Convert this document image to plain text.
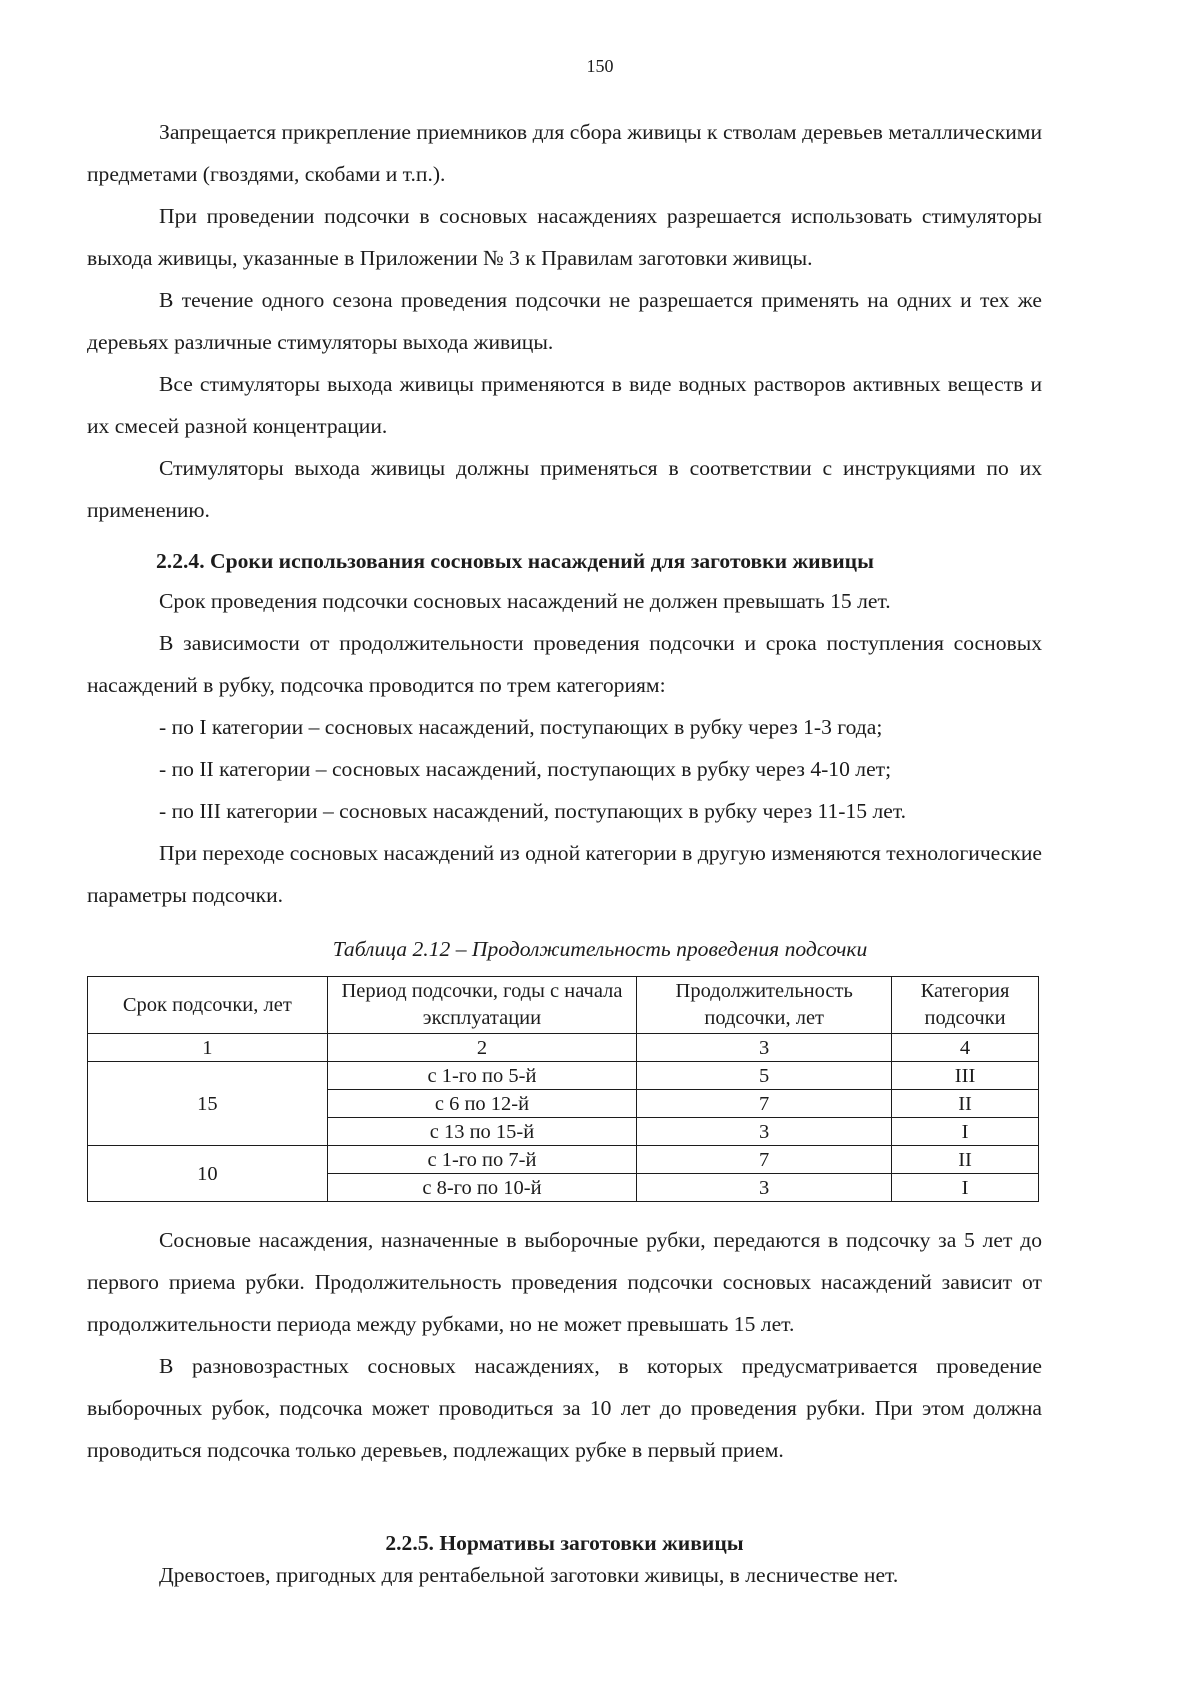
150

Запрещается прикрепление приемников для сбора живицы к стволам деревьев металлическими предметами (гвоздями, скобами и т.п.).

При проведении подсочки в сосновых насаждениях разрешается использовать стимуляторы выхода живицы, указанные в Приложении № 3 к Правилам заготовки живицы.

В течение одного сезона проведения подсочки не разрешается применять на одних и тех же деревьях различные стимуляторы выхода живицы.

Все стимуляторы выхода живицы применяются в виде водных растворов активных веществ и их смесей разной концентрации.

Стимуляторы выхода живицы должны применяться в соответствии с инструкциями по их применению.

2.2.4. Сроки использования сосновых насаждений для заготовки живицы

Срок проведения подсочки сосновых насаждений не должен превышать 15 лет.

В зависимости от продолжительности проведения подсочки и срока поступления сосновых насаждений в рубку, подсочка проводится по трем категориям:

- по I категории – сосновых насаждений, поступающих в рубку через 1-3 года;

- по II категории – сосновых насаждений, поступающих в рубку через 4-10 лет;

- по III категории – сосновых насаждений, поступающих в рубку через 11-15 лет.

При переходе сосновых насаждений из одной категории в другую изменяются технологические параметры подсочки.

Таблица 2.12 – Продолжительность проведения подсочки
Срок подсочки, лет	Период подсочки, годы с начала эксплуатации	Продолжительность подсочки, лет	Категория подсочки
1	2	3	4
15	с 1-го по 5-й	5	III
	с 6 по 12-й	7	II
	с 13 по 15-й	3	I
10	с 1-го по 7-й	7	II
	с 8-го по 10-й	3	I

Сосновые насаждения, назначенные в выборочные рубки, передаются в подсочку за 5 лет до первого приема рубки. Продолжительность проведения подсочки сосновых насаждений зависит от продолжительности периода между рубками, но не может превышать 15 лет.

В разновозрастных сосновых насаждениях, в которых предусматривается проведение выборочных рубок, подсочка может проводиться за 10 лет до проведения рубки. При этом должна проводиться подсочка только деревьев, подлежащих рубке в первый прием.

2.2.5. Нормативы заготовки живицы

Древостоев, пригодных для рентабельной заготовки живицы, в лесничестве нет.
